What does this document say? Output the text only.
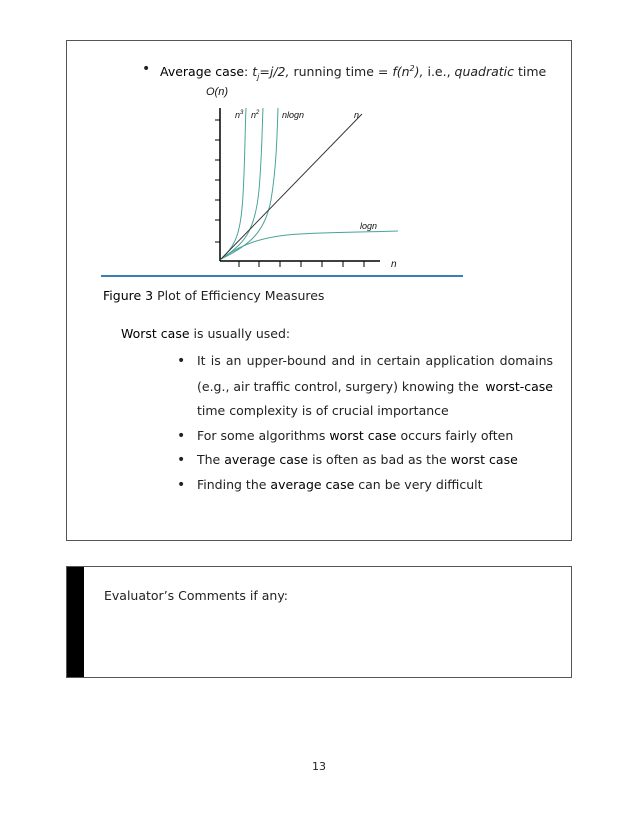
• Average case: $t_j=j/2$, running time = $f(n^2)$, i.e., quadratic time
O(n)
$n^3$ $n^2$	nlogn	n
logn
n
Figure 3 Plot of Efficiency Measures
Worst case is usually used:
• It is an upper-bound and in certain application domains
(e.g., air traffic control, surgery) knowing the worst-case
time complexity is of crucial importance
• For some algorithms worst case occurs fairly often
• The average case is often as bad as the worst case
• Finding the average case can be very difficult
Evaluator’s Comments if any:
13
